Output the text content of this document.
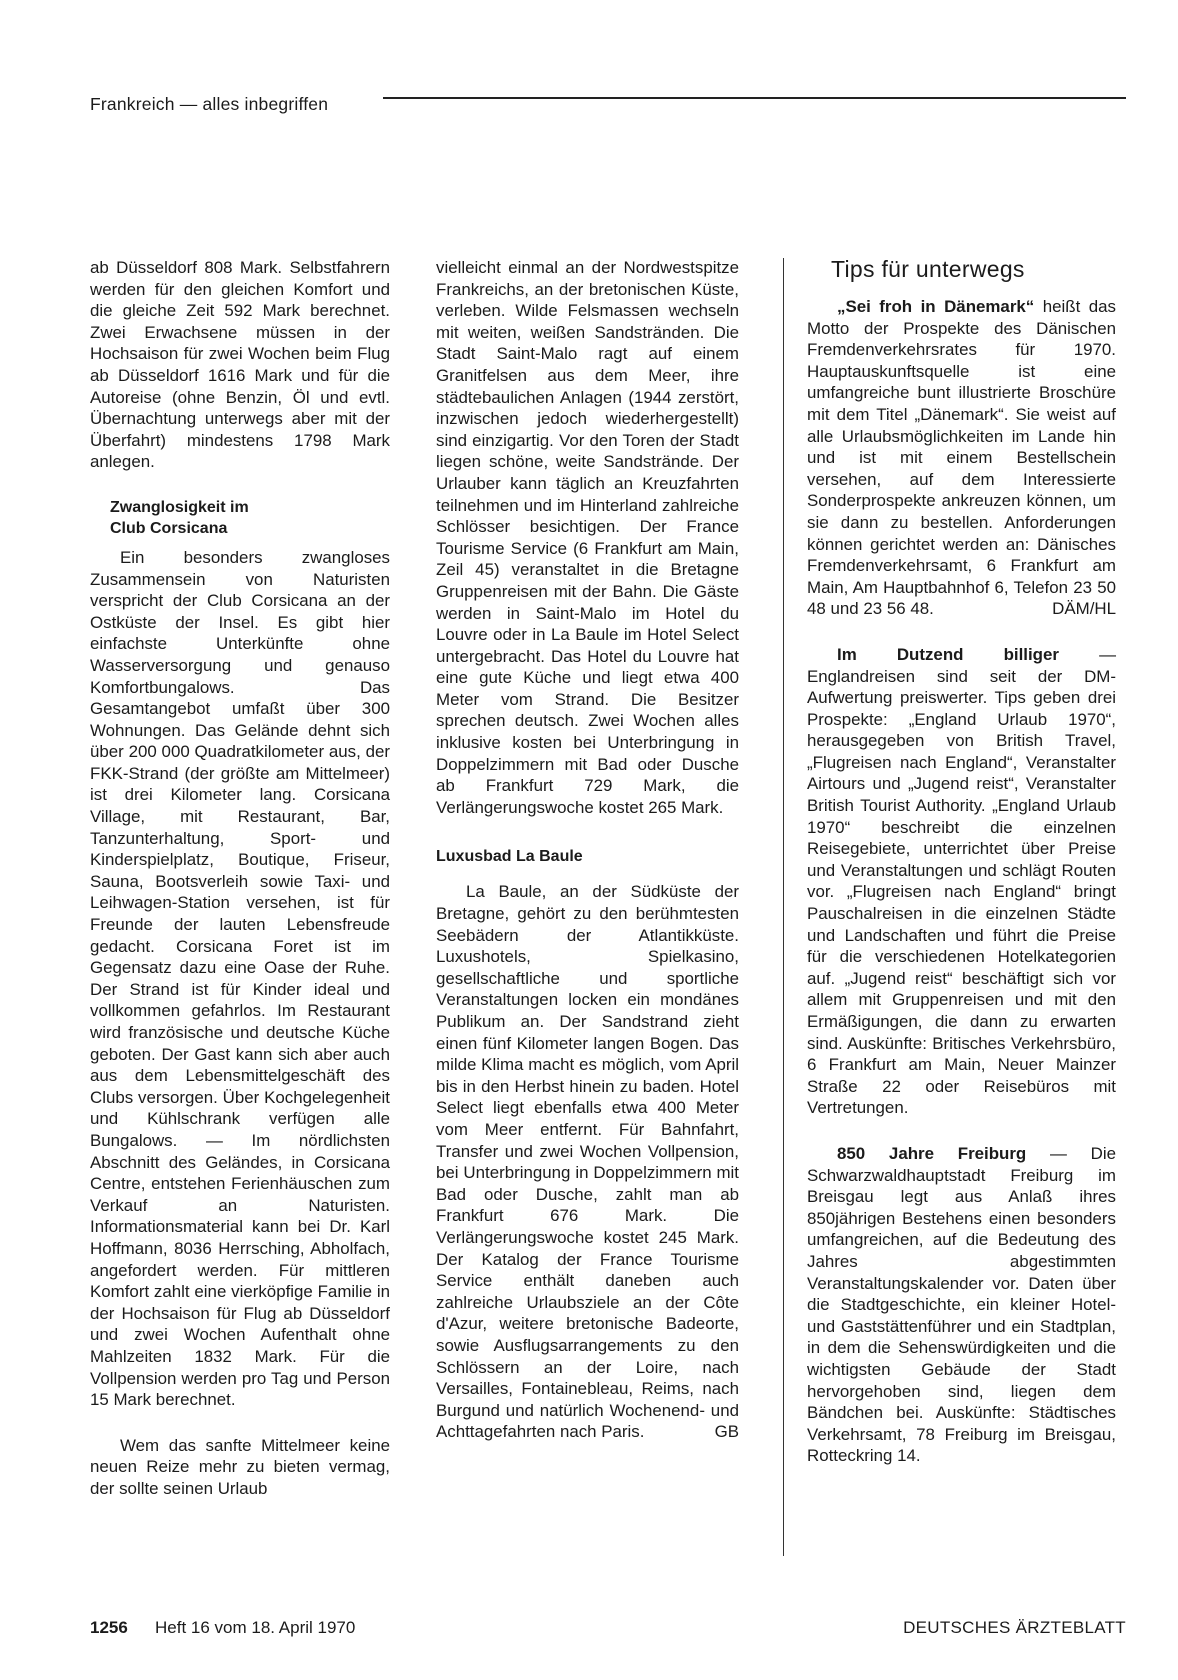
Frankreich — alles inbegriffen

ab Düsseldorf 808 Mark. Selbstfahrern werden für den gleichen Komfort und die gleiche Zeit 592 Mark berechnet. Zwei Erwachsene müssen in der Hochsaison für zwei Wochen beim Flug ab Düsseldorf 1616 Mark und für die Autoreise (ohne Benzin, Öl und evtl. Übernachtung unterwegs aber mit der Überfahrt) mindestens 1798 Mark anlegen.

Zwanglosigkeit im
Club Corsicana

Ein besonders zwangloses Zusammensein von Naturisten verspricht der Club Corsicana an der Ostküste der Insel. Es gibt hier einfachste Unterkünfte ohne Wasserversorgung und genauso Komfortbungalows. Das Gesamtangebot umfaßt über 300 Wohnungen. Das Gelände dehnt sich über 200 000 Quadratkilometer aus, der FKK-Strand (der größte am Mittelmeer) ist drei Kilometer lang. Corsicana Village, mit Restaurant, Bar, Tanzunterhaltung, Sport- und Kinderspielplatz, Boutique, Friseur, Sauna, Bootsverleih sowie Taxi- und Leihwagen-Station versehen, ist für Freunde der lauten Lebensfreude gedacht. Corsicana Foret ist im Gegensatz dazu eine Oase der Ruhe. Der Strand ist für Kinder ideal und vollkommen gefahrlos. Im Restaurant wird französische und deutsche Küche geboten. Der Gast kann sich aber auch aus dem Lebensmittelgeschäft des Clubs versorgen. Über Kochgelegenheit und Kühlschrank verfügen alle Bungalows. — Im nördlichsten Abschnitt des Geländes, in Corsicana Centre, entstehen Ferienhäuschen zum Verkauf an Naturisten. Informationsmaterial kann bei Dr. Karl Hoffmann, 8036 Herrsching, Abholfach, angefordert werden. Für mittleren Komfort zahlt eine vierköpfige Familie in der Hochsaison für Flug ab Düsseldorf und zwei Wochen Aufenthalt ohne Mahlzeiten 1832 Mark. Für die Vollpension werden pro Tag und Person 15 Mark berechnet.

Wem das sanfte Mittelmeer keine neuen Reize mehr zu bieten vermag, der sollte seinen Urlaub

vielleicht einmal an der Nordwestspitze Frankreichs, an der bretonischen Küste, verleben. Wilde Felsmassen wechseln mit weiten, weißen Sandstränden. Die Stadt Saint-Malo ragt auf einem Granitfelsen aus dem Meer, ihre städtebaulichen Anlagen (1944 zerstört, inzwischen jedoch wiederhergestellt) sind einzigartig. Vor den Toren der Stadt liegen schöne, weite Sandstrände. Der Urlauber kann täglich an Kreuzfahrten teilnehmen und im Hinterland zahlreiche Schlösser besichtigen. Der France Tourisme Service (6 Frankfurt am Main, Zeil 45) veranstaltet in die Bretagne Gruppenreisen mit der Bahn. Die Gäste werden in Saint-Malo im Hotel du Louvre oder in La Baule im Hotel Select untergebracht. Das Hotel du Louvre hat eine gute Küche und liegt etwa 400 Meter vom Strand. Die Besitzer sprechen deutsch. Zwei Wochen alles inklusive kosten bei Unterbringung in Doppelzimmern mit Bad oder Dusche ab Frankfurt 729 Mark, die Verlängerungswoche kostet 265 Mark.

Luxusbad La Baule

La Baule, an der Südküste der Bretagne, gehört zu den berühmtesten Seebädern der Atlantikküste. Luxushotels, Spielkasino, gesellschaftliche und sportliche Veranstaltungen locken ein mondänes Publikum an. Der Sandstrand zieht einen fünf Kilometer langen Bogen. Das milde Klima macht es möglich, vom April bis in den Herbst hinein zu baden. Hotel Select liegt ebenfalls etwa 400 Meter vom Meer entfernt. Für Bahnfahrt, Transfer und zwei Wochen Vollpension, bei Unterbringung in Doppelzimmern mit Bad oder Dusche, zahlt man ab Frankfurt 676 Mark. Die Verlängerungswoche kostet 245 Mark. Der Katalog der France Tourisme Service enthält daneben auch zahlreiche Urlaubsziele an der Côte d'Azur, weitere bretonische Badeorte, sowie Ausflugsarrangements zu den Schlössern an der Loire, nach Versailles, Fontainebleau, Reims, nach Burgund und natürlich Wochenend- und Achttagefahrten nach Paris.	GB

Tips für unterwegs

„Sei froh in Dänemark“ heißt das Motto der Prospekte des Dänischen Fremdenverkehrsrates für 1970. Hauptauskunftsquelle ist eine umfangreiche bunt illustrierte Broschüre mit dem Titel „Dänemark“. Sie weist auf alle Urlaubsmöglichkeiten im Lande hin und ist mit einem Bestellschein versehen, auf dem Interessierte Sonderprospekte ankreuzen können, um sie dann zu bestellen. Anforderungen können gerichtet werden an: Dänisches Fremdenverkehrsamt, 6 Frankfurt am Main, Am Hauptbahnhof 6, Telefon 23 50 48 und 23 56 48.	DÄM/HL

Im Dutzend billiger — Englandreisen sind seit der DM-Aufwertung preiswerter. Tips geben drei Prospekte: „England Urlaub 1970“, herausgegeben von British Travel, „Flugreisen nach England“, Veranstalter Airtours und „Jugend reist“, Veranstalter British Tourist Authority. „England Urlaub 1970“ beschreibt die einzelnen Reisegebiete, unterrichtet über Preise und Veranstaltungen und schlägt Routen vor. „Flugreisen nach England“ bringt Pauschalreisen in die einzelnen Städte und Landschaften und führt die Preise für die verschiedenen Hotelkategorien auf. „Jugend reist“ beschäftigt sich vor allem mit Gruppenreisen und mit den Ermäßigungen, die dann zu erwarten sind. Auskünfte: Britisches Verkehrsbüro, 6 Frankfurt am Main, Neuer Mainzer Straße 22 oder Reisebüros mit Vertretungen.

850 Jahre Freiburg — Die Schwarzwaldhauptstadt Freiburg im Breisgau legt aus Anlaß ihres 850jährigen Bestehens einen besonders umfangreichen, auf die Bedeutung des Jahres abgestimmten Veranstaltungskalender vor. Daten über die Stadtgeschichte, ein kleiner Hotel- und Gaststättenführer und ein Stadtplan, in dem die Sehenswürdigkeiten und die wichtigsten Gebäude der Stadt hervorgehoben sind, liegen dem Bändchen bei. Auskünfte: Städtisches Verkehrsamt, 78 Freiburg im Breisgau, Rotteckring 14.

1256 Heft 16 vom 18. April 1970	DEUTSCHES ÄRZTEBLATT
